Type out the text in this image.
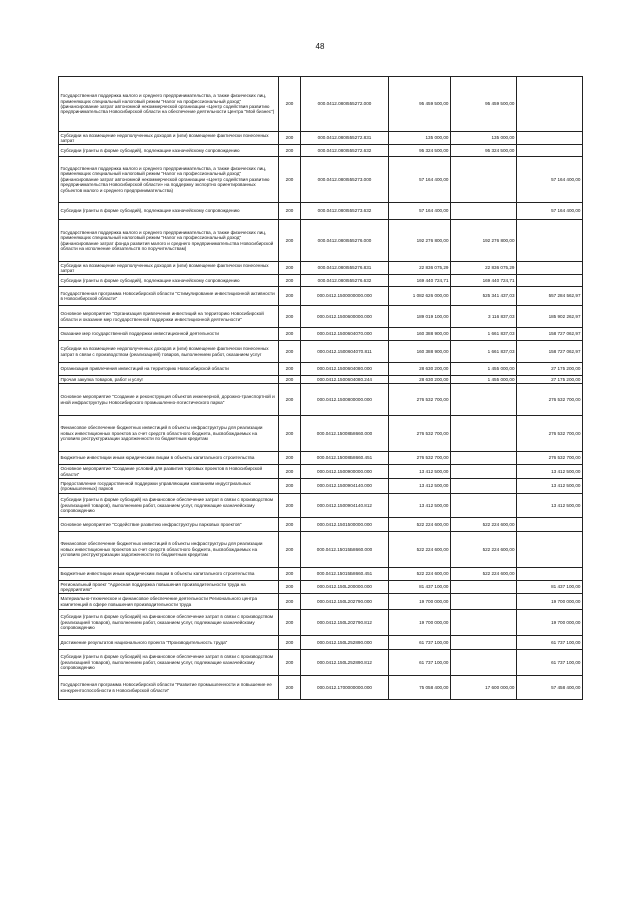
48
Государственная поддержка малого и среднего предпринимательства, а также физических лиц, применяющих специальный налоговый режим "Налог на профессиональный доход" (финансирование затрат автономной некоммерческой организации «Центр содействия развитию предпринимательства Новосибирской области на обеспечение деятельности Центра "Мой бизнес")	200	000.0412.080I555272.000	95 459 500,00	95 459 500,00	
Субсидии на возмещение недополученных доходов и (или) возмещение фактически понесенных затрат	200	000.0412.080I555272.831	135 000,00	135 000,00	
Субсидии (гранты в форме субсидий), подлежащие казначейскому сопровождению	200	000.0412.080I555272.632	95 324 500,00	95 324 500,00	
Государственная поддержка малого и среднего предпринимательства, а также физических лиц, применяющих специальный налоговый режим "Налог на профессиональный доход" (финансирование затрат автономной некоммерческой организации «Центр содействия развитию предпринимательства Новосибирской области» на поддержку экспортно ориентированных субъектов малого и среднего предпринимательства)	200	000.0412.080I555273.000	57 164 400,00		57 164 400,00
Субсидии (гранты в форме субсидий), подлежащие казначейскому сопровождению	200	000.0412.080I555273.632	57 164 400,00		57 164 400,00
Государственная поддержка малого и среднего предпринимательства, а также физических лиц, применяющих специальный налоговый режим "Налог на профессиональный доход" (финансирование затрат фонда развития малого и среднего предпринимательства Новосибирской области на исполнение обязательств по поручительствам)	200	000.0412.080I555276.000	192 276 800,00	192 276 800,00	
Субсидии на возмещение недополученных доходов и (или) возмещение фактически понесенных затрат	200	000.0412.080I555276.831	22 836 075,29	22 836 075,29	
Субсидии (гранты в форме субсидий), подлежащие казначейскому сопровождению	200	000.0412.080I555276.632	169 440 724,71	169 440 724,71	
Государственная программа Новосибирской области "Стимулирование инвестиционной активности в Новосибирской области"	200	000.0412.1500000000.000	1 082 626 000,00	525 341 437,03	557 284 562,97
Основное мероприятие "Организация привлечения инвестиций на территорию Новосибирской области и оказание мер государственной поддержки инвестиционной деятельности"	200	000.0412.1500600000.000	189 019 100,00	3 116 837,03	185 902 262,97
Оказание мер государственной поддержки инвестиционной деятельности	200	000.0412.1500604070.000	160 388 900,00	1 661 837,03	158 727 062,97
Субсидии на возмещение недополученных доходов и (или) возмещение фактически понесенных затрат в связи с производством (реализацией) товаров, выполнением работ, оказанием услуг	200	000.0412.1500604070.811	160 388 900,00	1 661 837,03	158 727 062,97
Организация привлечения инвестиций на территорию Новосибирской области	200	000.0412.1500604080.000	28 630 200,00	1 455 000,00	27 175 200,00
Прочая закупка товаров, работ и услуг	200	000.0412.1500604080.244	28 630 200,00	1 455 000,00	27 175 200,00
Основное мероприятие "Создание и реконструкция объектов инженерной, дорожно-транспортной и иной инфраструктуры Новосибирского промышленно-логистического парка"	200	000.0412.1500800000.000	276 532 700,00		276 532 700,00
Финансовое обеспечение бюджетных инвестиций в объекты инфраструктуры для реализации новых инвестиционных проектов за счет средств областного бюджета, высвобождаемых на условиях реструктуризации задолженности по бюджетным кредитам	200	000.0412.15008Б8660.000	276 532 700,00		276 532 700,00
Бюджетные инвестиции иным юридическим лицам в объекты капитального строительства	200	000.0412.15008Б8660.451	276 532 700,00		276 532 700,00
Основное мероприятие "Создание условий для развития торговых проектов в Новосибирской области"	200	000.0412.1500900000.000	13 412 500,00		13 412 500,00
Предоставление государственной поддержки управляющим компаниям индустриальных (промышленных) парков	200	000.0412.1500904140.000	13 412 500,00		13 412 500,00
Субсидии (гранты в форме субсидий) на финансовое обеспечение затрат в связи с производством (реализацией товаров), выполнением работ, оказанием услуг, подлежащие казначейскому сопровождению	200	000.0412.1500904140.812	13 412 500,00		13 412 500,00
Основное мероприятие "Содействие развитию инфраструктуры парковых проектов"	200	000.0412.1501500000.000	522 224 600,00	522 224 600,00	
Финансовое обеспечение бюджетных инвестиций в объекты инфраструктуры для реализации новых инвестиционных проектов за счет средств областного бюджета, высвобождаемых на условиях реструктуризации задолженности по бюджетным кредитам	200	000.0412.15015Б8660.000	522 224 600,00	522 224 600,00	
Бюджетные инвестиции иным юридическим лицам в объекты капитального строительства	200	000.0412.15015Б8660.451	522 224 600,00	522 224 600,00	
Региональный проект "Адресная поддержка повышения производительности труда на предприятиях"	200	000.0412.150L200000.000	81 437 100,00		81 437 100,00
Материально-техническое и финансовое обеспечение деятельности Регионального центра компетенций в сфере повышения производительности труда	200	000.0412.150L202790.000	19 700 000,00		19 700 000,00
Субсидии (гранты в форме субсидий) на финансовое обеспечение затрат в связи с производством (реализацией товаров), выполнением работ, оказанием услуг, подлежащие казначейскому сопровождению	200	000.0412.150L202790.812	19 700 000,00		19 700 000,00
Достижение результатов национального проекта "Производительность труда"	200	000.0412.150L252890.000	61 737 100,00		61 737 100,00
Субсидии (гранты в форме субсидий) на финансовое обеспечение затрат в связи с производством (реализацией товаров), выполнением работ, оказанием услуг, подлежащие казначейскому сопровождению	200	000.0412.150L252890.812	61 737 100,00		61 737 100,00
Государственная программа Новосибирской области "Развитие промышленности и повышение ее конкурентоспособности в Новосибирской области"	200	000.0412.1700000000.000	75 058 400,00	17 600 000,00	57 458 400,00
